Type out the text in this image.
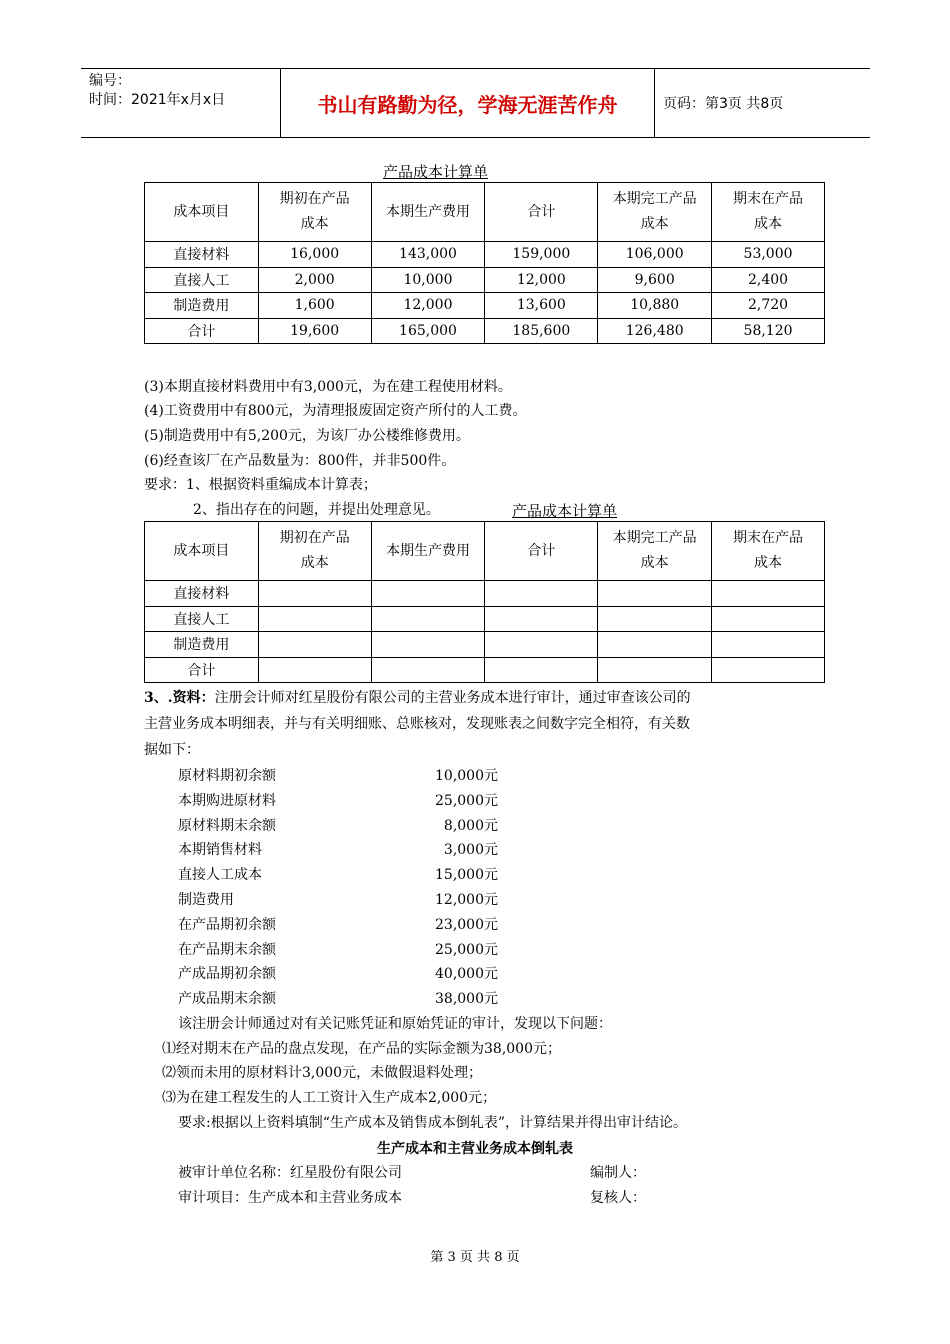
编号：
时间：2021年x月x日	书山有路勤为径，学海无涯苦作舟	页码：第3页 共8页
产品成本计算单
成本项目	期初在产品成本	本期生产费用	合计	本期完工产品成本	期末在产品成本
直接材料	16,000	143,000	159,000	106,000	53,000
直接人工	2,000	10,000	12,000	9,600	2,400
制造费用	1,600	12,000	13,600	10,880	2,720
合计	19,600	165,000	185,600	126,480	58,120
(3)本期直接材料费用中有3,000元，为在建工程使用材料。
(4)工资费用中有800元，为清理报废固定资产所付的人工费。
(5)制造费用中有5,200元，为该厂办公楼维修费用。
(6)经查该厂在产品数量为：800件，并非500件。
要求：1、根据资料重编成本计算表；
2、指出存在的问题，并提出处理意见。	产品成本计算单
成本项目	期初在产品成本	本期生产费用	合计	本期完工产品成本	期末在产品成本
直接材料					
直接人工					
制造费用					
合计					
3、.资料：注册会计师对红星股份有限公司的主营业务成本进行审计，通过审查该公司的
主营业务成本明细表，并与有关明细账、总账核对，发现账表之间数字完全相符，有关数
据如下：
原材料期初余额	10,000元
本期购进原材料	25,000元
原材料期末余额	8,000元
本期销售材料	3,000元
直接人工成本	15,000元
制造费用	12,000元
在产品期初余额	23,000元
在产品期末余额	25,000元
产成品期初余额	40,000元
产成品期末余额	38,000元
该注册会计师通过对有关记账凭证和原始凭证的审计，发现以下问题：
⑴经对期末在产品的盘点发现，在产品的实际金额为38,000元；
⑵领而未用的原材料计3,000元，未做假退料处理；
⑶为在建工程发生的人工工资计入生产成本2,000元；
要求:根据以上资料填制“生产成本及销售成本倒轧表”，计算结果并得出审计结论。
生产成本和主营业务成本倒轧表
被审计单位名称：红星股份有限公司	编制人：
审计项目：生产成本和主营业务成本	复核人：
第 3 页 共 8 页
